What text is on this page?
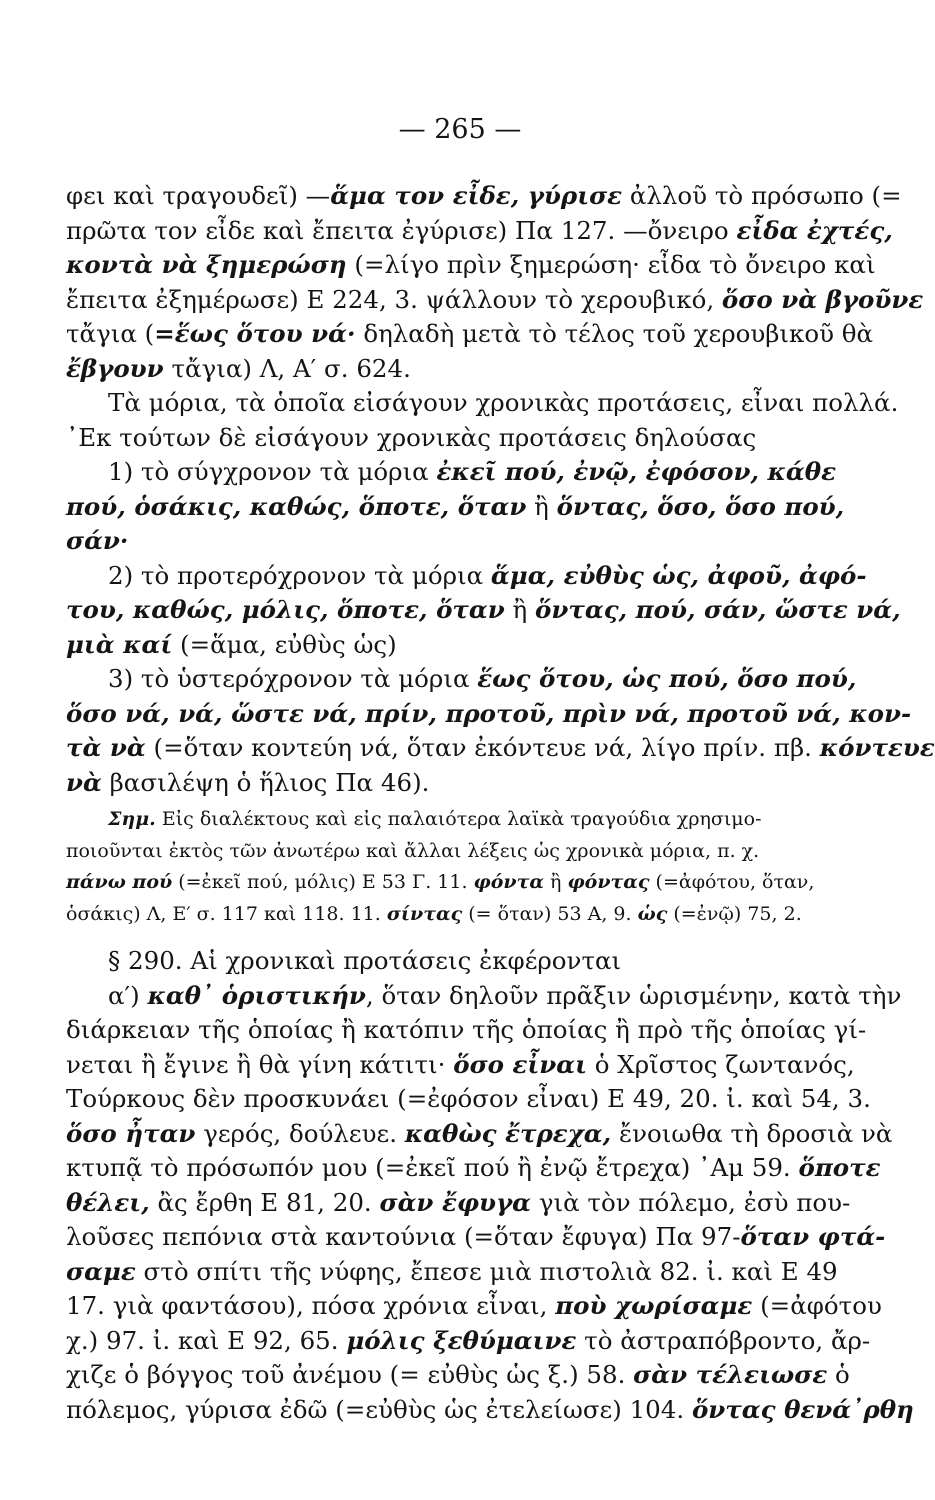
— 265 —
φει καὶ τραγουδεῖ) —ἅμα τον εἶδε, γύρισε ἀλλοῦ τὸ πρόσωπο (=
πρῶτα τον εἶδε καὶ ἔπειτα ἐγύρισε) Πα 127. —ὄνειρο εἶδα ἐχτές,
κοντὰ νὰ ξημερώση (=λίγο πρὶν ξημερώση· εἶδα τὸ ὄνειρο καὶ
ἔπειτα ἐξημέρωσε) Ε 224, 3. ψάλλουν τὸ χερουβικό, ὅσο νὰ βγοῦνε
τἄγια (=ἕως ὅτου νά· δηλαδὴ μετὰ τὸ τέλος τοῦ χερουβικοῦ θὰ
ἔβγουν τἄγια) Λ, Α′ σ. 624.
Τὰ μόρια, τὰ ὁποῖα εἰσάγουν χρονικὰς προτάσεις, εἶναι πολλά.
᾽Εκ τούτων δὲ εἰσάγουν χρονικὰς προτάσεις δηλούσας
1) τὸ σύγχρονον τὰ μόρια ἐκεῖ πού, ἐνῷ, ἐφόσον, κάθε
πού, ὁσάκις, καθώς, ὅποτε, ὅταν ἢ ὅντας, ὅσο, ὅσο πού,
σάν·
2) τὸ προτερόχρονον τὰ μόρια ἅμα, εὐθὺς ὡς, ἀφοῦ, ἀφό-
του, καθώς, μόλις, ὅποτε, ὅταν ἢ ὅντας, πού, σάν, ὥστε νά,
μιὰ καί (=ἅμα, εὐθὺς ὡς)
3) τὸ ὑστερόχρονον τὰ μόρια ἕως ὅτου, ὡς πού, ὅσο πού,
ὅσο νά, νά, ὥστε νά, πρίν, προτοῦ, πρὶν νά, προτοῦ νά, κον-
τὰ νὰ (=ὅταν κοντεύη νά, ὅταν ἐκόντευε νά, λίγο πρίν. πβ. κόντευε
νὰ βασιλέψη ὁ ἥλιος Πα 46).
Σημ. Εἰς διαλέκτους καὶ εἰς παλαιότερα λαϊκὰ τραγούδια χρησιμο-
ποιοῦνται ἐκτὸς τῶν ἀνωτέρω καὶ ἄλλαι λέξεις ὡς χρονικὰ μόρια, π. χ.
πάνω πού (=ἐκεῖ πού, μόλις) Ε 53 Γ. 11. φόντα ἢ φόντας (=ἀφότου, ὅταν,
ὁσάκις) Λ, Ε′ σ. 117 καὶ 118. 11. σίντας (= ὅταν) 53 Α, 9. ὡς (=ἐνῷ) 75, 2.
§ 290. Αἱ χρονικαὶ προτάσεις ἐκφέρονται
α′) καθ᾽ ὁριστικήν, ὅταν δηλοῦν πρᾶξιν ὡρισμένην, κατὰ τὴν
διάρκειαν τῆς ὁποίας ἢ κατόπιν τῆς ὁποίας ἢ πρὸ τῆς ὁποίας γί-
νεται ἢ ἔγινε ἢ θὰ γίνη κάτιτι· ὅσο εἶναι ὁ Χρῖστος ζωντανός,
Τούρκους δὲν προσκυνάει (=ἐφόσον εἶναι) Ε 49, 20. ἰ. καὶ 54, 3.
ὅσο ἦταν γερός, δούλευε. καθὼς ἔτρεχα, ἔνοιωθα τὴ δροσιὰ νὰ
κτυπᾷ τὸ πρόσωπόν μου (=ἐκεῖ πού ἢ ἐνῷ ἔτρεχα) ᾽Αμ 59. ὅποτε
θέλει, ἂς ἔρθη Ε 81, 20. σὰν ἔφυγα γιὰ τὸν πόλεμο, ἐσὺ που-
λοῦσες πεπόνια στὰ καντούνια (=ὅταν ἔφυγα) Πα 97-ὅταν φτά-
σαμε στὸ σπίτι τῆς νύφης, ἔπεσε μιὰ πιστολιὰ 82. ἰ. καὶ Ε 49
17. γιὰ φαντάσου), πόσα χρόνια εἶναι, ποὺ χωρίσαμε (=ἀφότου
χ.) 97. ἰ. καὶ Ε 92, 65. μόλις ξεθύμαινε τὸ ἀστραπόβροντο, ἄρ-
χιζε ὁ βόγγος τοῦ ἀνέμου (= εὐθὺς ὡς ξ.) 58. σὰν τέλειωσε ὁ
πόλεμος, γύρισα ἐδῶ (=εὐθὺς ὡς ἐτελείωσε) 104. ὅντας θενά᾽ρθη
